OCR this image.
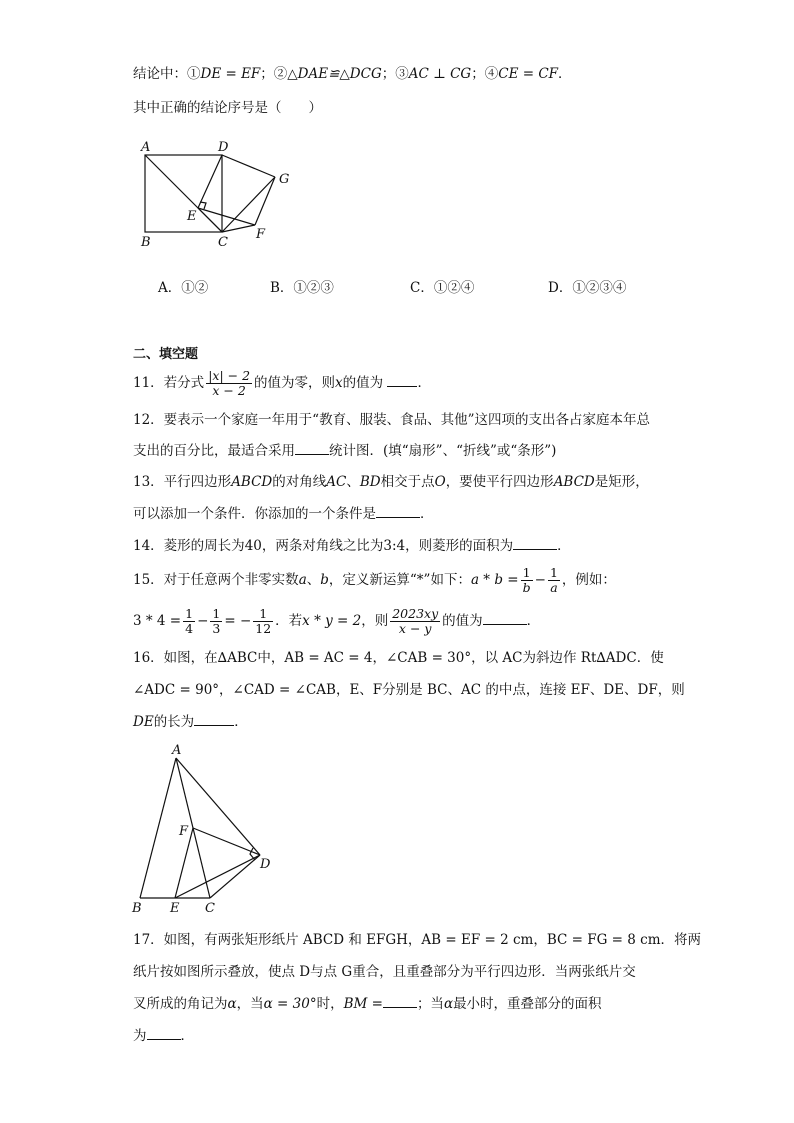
结论中：①DE = EF；②△DAE≌△DCG；③AC ⊥ CG；④CE = CF．
其中正确的结论序号是（　　）
A	D
G
E
B	C
F
A．①②	B．①②③	C．①②④	D．①②③④
二、填空题
11．若分式 $\frac{|x| - 2}{x - 2}$ 的值为零，则x的值为	．
12．要表示一个家庭一年用于“教育、服装、食品、其他”这四项的支出各占家庭本年总
支出的百分比，最适合采用	统计图．(填“扇形”、“折线”或“条形”)
13．平行四边形ABCD的对角线AC、BD相交于点O，要使平行四边形ABCD是矩形，
可以添加一个条件．你添加的一个条件是	．
14．菱形的周长为40，两条对角线之比为3:4，则菱形的面积为	．
15．对于任意两个非零实数a、b，定义新运算“*”如下：$a * b = \frac{1}{b} - \frac{1}{a}$ ，例如：
$3 * 4 = \frac{1}{4} - \frac{1}{3}$ = − $\frac{1}{12}$ ．若x * y = 2，则 $\frac{2023xy}{x - y}$ 的值为	．
16．如图，在∆ABC中，AB = AC = 4，∠CAB = 30°，以 AC为斜边作 Rt∆ADC．使
∠ADC = 90°，∠CAD = ∠CAB，E、F分别是 BC、AC 的中点，连接 EF、DE、DF，则
DE的长为	．
A
F
D
B E C
17．如图，有两张矩形纸片 ABCD 和 EFGH，AB = EF = 2 cm，BC = FG = 8 cm．将两
纸片按如图所示叠放，使点 D与点 G重合，且重叠部分为平行四边形．当两张纸片交
叉所成的角记为α，当α = 30°时，BM =	；当α最小时，重叠部分的面积
为	．
